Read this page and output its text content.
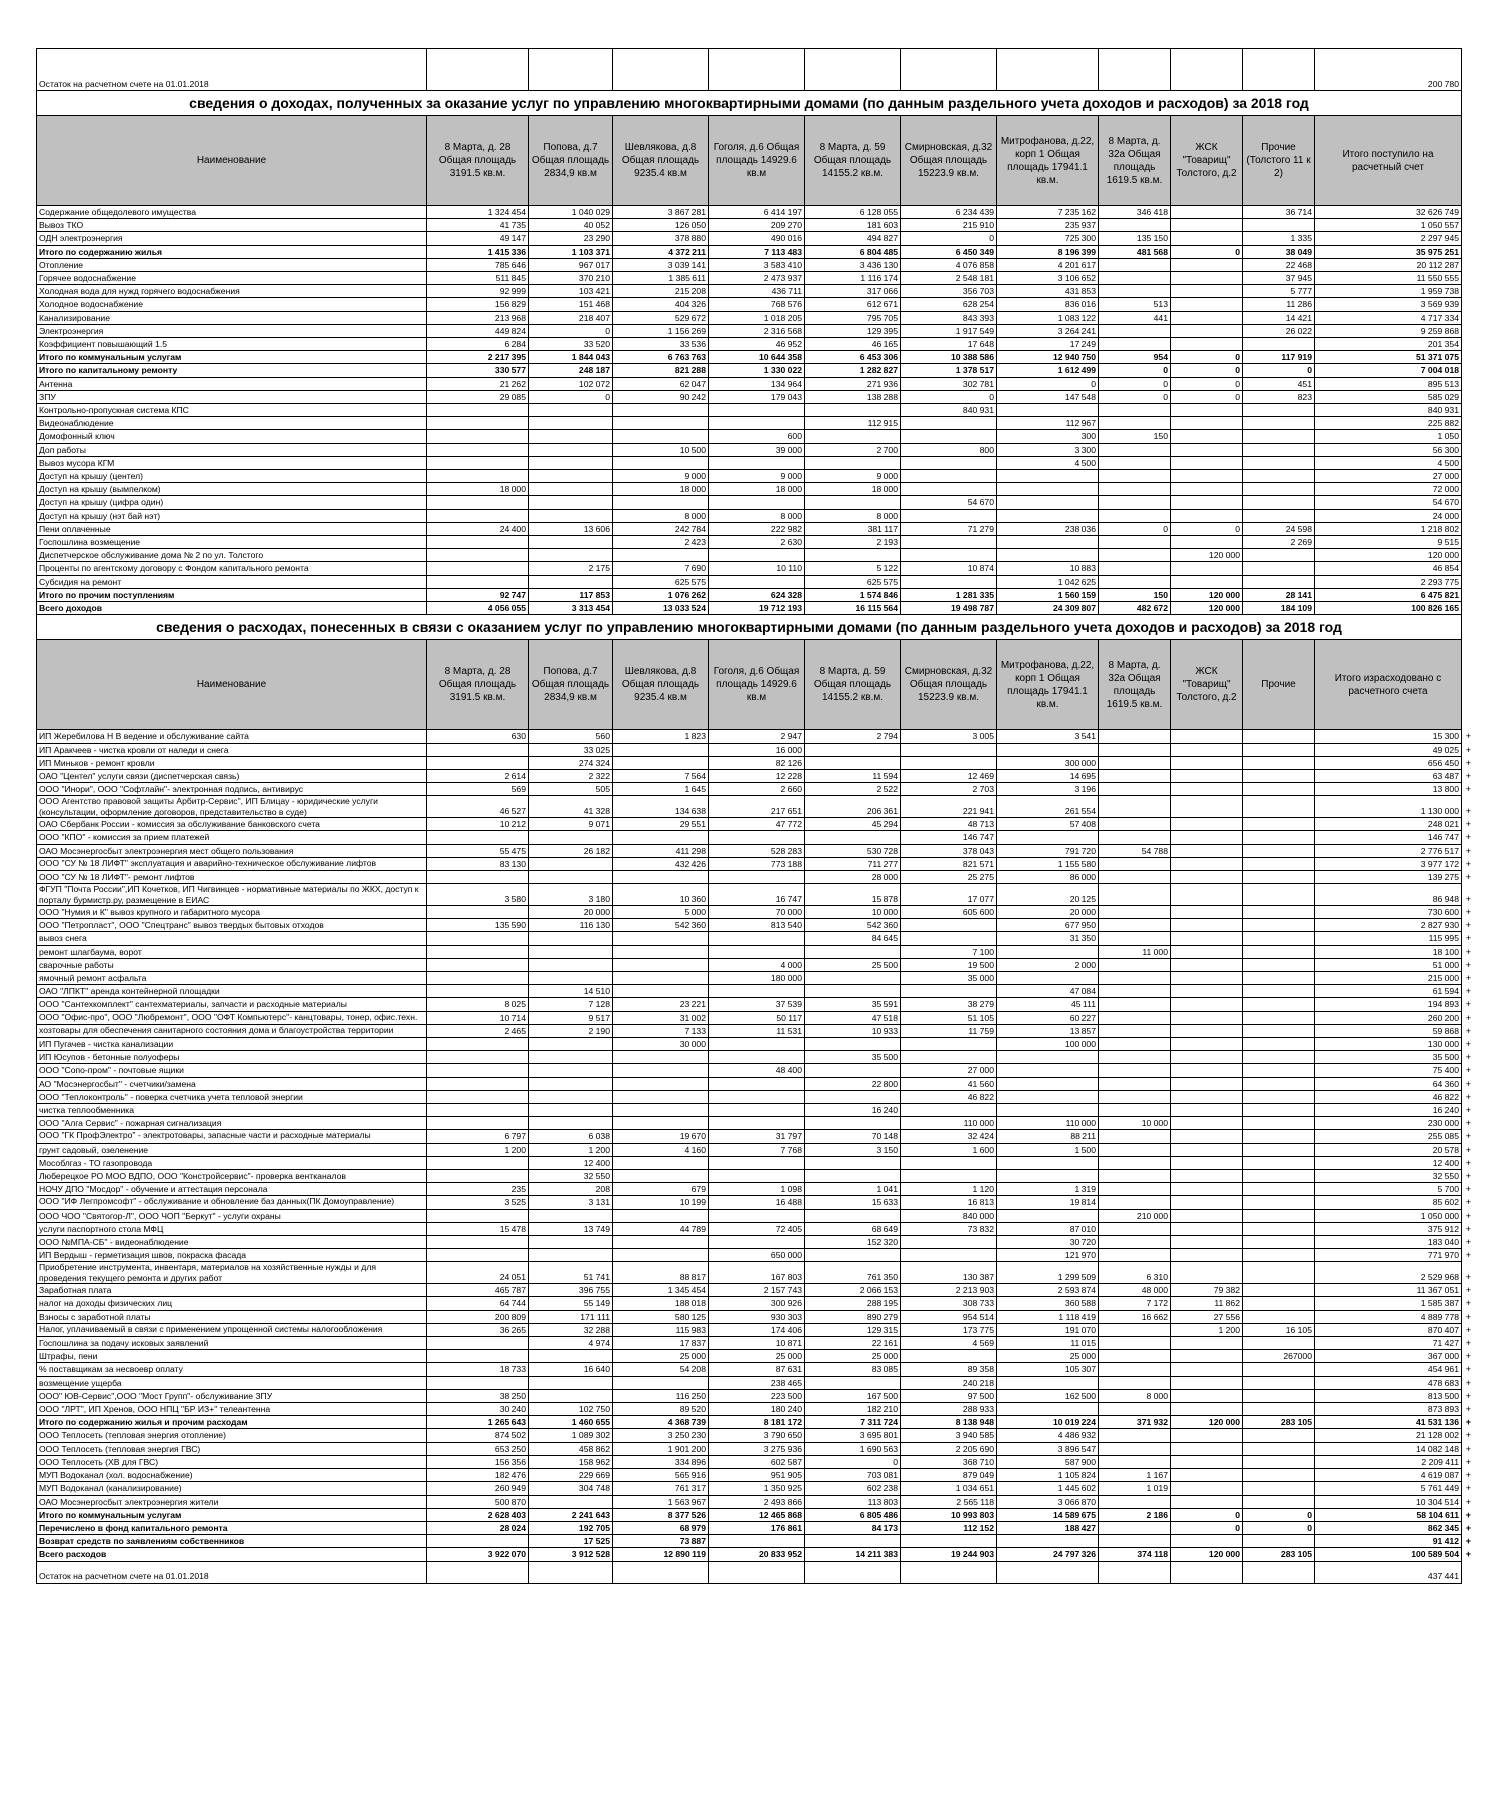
Остаток на расчетном счете на 01.01.2018											200 780
сведения о доходах, полученных за оказание услуг по управлению многоквартирными домами (по данным раздельного учета доходов и расходов) за 2018 год											
Наименование	8 Марта, д. 28 Общая площадь 3191.5 кв.м.	Попова, д.7 Общая площадь 2834,9 кв.м	Шевлякова, д.8 Общая площадь 9235.4 кв.м	Гоголя, д.6 Общая площадь 14929.6 кв.м	8 Марта, д. 59 Общая площадь 14155.2 кв.м.	Смирновская, д.32 Общая площадь 15223.9 кв.м.	Митрофанова, д.22, корп 1 Общая площадь 17941.1 кв.м.	8 Марта, д. 32а Общая площадь 1619.5 кв.м.	ЖСК "Товарищ" Толстого, д.2	Прочие (Толстого 11 к 2)	Итого поступило на расчетный счет
Содержание общедолевого имущества	1 324 454	1 040 029	3 867 281	6 414 197	6 128 055	6 234 439	7 235 162	346 418		36 714	32 626 749
Вывоз ТКО	41 735	40 052	126 050	209 270	181 603	215 910	235 937				1 050 557
ОДН электроэнергия	49 147	23 290	378 880	490 016	494 827	0	725 300	135 150		1 335	2 297 945
Итого по содержанию жилья	1 415 336	1 103 371	4 372 211	7 113 483	6 804 485	6 450 349	8 196 399	481 568	0	38 049	35 975 251
Отопление	785 646	967 017	3 039 141	3 583 410	3 436 130	4 076 858	4 201 617			22 468	20 112 287
Горячее водоснабжение	511 845	370 210	1 385 611	2 473 937	1 116 174	2 548 181	3 106 652			37 945	11 550 555
Холодная вода для нужд горячего водоснабжения	92 999	103 421	215 208	436 711	317 066	356 703	431 853			5 777	1 959 738
Холодное водоснабжение	156 829	151 468	404 326	768 576	612 671	628 254	836 016	513		11 286	3 569 939
Канализирование	213 968	218 407	529 672	1 018 205	795 705	843 393	1 083 122	441		14 421	4 717 334
Электроэнергия	449 824	0	1 156 269	2 316 568	129 395	1 917 549	3 264 241			26 022	9 259 868
Коэффициент повышающий 1.5	6 284	33 520	33 536	46 952	46 165	17 648	17 249				201 354
Итого по коммунальным услугам	2 217 395	1 844 043	6 763 763	10 644 358	6 453 306	10 388 586	12 940 750	954	0	117 919	51 371 075
Итого по капитальному ремонту	330 577	248 187	821 288	1 330 022	1 282 827	1 378 517	1 612 499	0	0	0	7 004 018
Антенна	21 262	102 072	62 047	134 964	271 936	302 781	0	0	0	451	895 513
ЗПУ	29 085	0	90 242	179 043	138 288	0	147 548	0	0	823	585 029
Контрольно-пропускная система КПС						840 931					840 931
Видеонаблюдение					112 915		112 967				225 882
Домофонный ключ				600			300	150			1 050
Доп работы			10 500	39 000	2 700	800	3 300				56 300
Вывоз мусора КГМ							4 500				4 500
Доступ на крышу (центел)			9 000	9 000	9 000						27 000
Доступ на крышу (вымпелком)	18 000		18 000	18 000	18 000						72 000
Доступ на крышу (цифра один)						54 670					54 670
Доступ на крышу (нэт бай нэт)			8 000	8 000	8 000						24 000
Пени оплаченные	24 400	13 606	242 784	222 982	381 117	71 279	238 036	0	0	24 598	1 218 802
Госпошлина возмещение			2 423	2 630	2 193					2 269	9 515
Диспетчерское обслуживание дома № 2 по ул. Толстого									120 000		120 000
Проценты по агентскому договору с Фондом капитального ремонта		2 175	7 690	10 110	5 122	10 874	10 883				46 854
Субсидия на ремонт			625 575		625 575		1 042 625				2 293 775
Итого по прочим поступлениям	92 747	117 853	1 076 262	624 328	1 574 846	1 281 335	1 560 159	150	120 000	28 141	6 475 821
Всего доходов	4 056 055	3 313 454	13 033 524	19 712 193	16 115 564	19 498 787	24 309 807	482 672	120 000	184 109	100 826 165
сведения о расходах, понесенных в связи с оказанием услуг по управлению многоквартирными домами (по данным раздельного учета доходов и расходов) за 2018 год											
Наименование	8 Марта, д. 28 Общая площадь 3191.5 кв.м.	Попова, д.7 Общая площадь 2834,9 кв.м	Шевлякова, д.8 Общая площадь 9235.4 кв.м	Гоголя, д.6 Общая площадь 14929.6 кв.м	8 Марта, д. 59 Общая площадь 14155.2 кв.м.	Смирновская, д.32 Общая площадь 15223.9 кв.м.	Митрофанова, д.22, корп 1 Общая площадь 17941.1 кв.м.	8 Марта, д. 32а Общая площадь 1619.5 кв.м.	ЖСК "Товарищ" Толстого, д.2	Прочие	Итого израсходовано с расчетного счета
ИП Жеребилова Н В ведение и обслуживание сайта	630	560	1 823	2 947	2 794	3 005	3 541				15 300 +

ИП Аракчеев - чистка кровли от наледи и снега		33 025		16 000							49 025 +

ИП Миньков - ремонт кровли		274 324		82 126			300 000				656 450 +

ОАО "Центел" услуги связи (диспетчерская связь)	2 614	2 322	7 564	12 228	11 594	12 469	14 695				63 487 +

ООО "Инори", ООО "Софтлайн"- электронная подпись, антивирус	569	505	1 645	2 660	2 522	2 703	3 196				13 800 +

ООО Агентство правовой защиты Арбитр-Сервис", ИП Блицау - юридические услуги (консультации, оформление договоров, представительство в суде)	46 527	41 328	134 638	217 651	206 361	221 941	261 554				1 130 000 +

ОАО Сбербанк России - комиссия за обслуживание банковского счета	10 212	9 071	29 551	47 772	45 294	48 713	57 408				248 021 +

ООО "КПО" - комиссия за прием платежей						146 747					146 747 +

ОАО Мосэнергосбыт электроэнергия мест общего пользования	55 475	26 182	411 298	528 283	530 728	378 043	791 720	54 788			2 776 517 +

ООО "СУ № 18 ЛИФТ" эксплуатация и аварийно-техническое обслуживание лифтов	83 130		432 426	773 188	711 277	821 571	1 155 580				3 977 172 +

ООО "СУ № 18 ЛИФТ"- ремонт лифтов					28 000	25 275	86 000				139 275 +

ФГУП "Почта России",ИП Кочетков, ИП Чигвинцев - нормативные материалы по ЖКХ, доступ к порталу бурмистр.ру, размещение в ЕИАС	3 580	3 180	10 360	16 747	15 878	17 077	20 125				86 948 +

ООО "Нумия и К" вывоз крупного и габаритного мусора		20 000	5 000	70 000	10 000	605 600	20 000				730 600 +

ООО "Петропласт", ООО "Спецтранс" вывоз твердых бытовых отходов	135 590	116 130	542 360	813 540	542 360		677 950				2 827 930 +

вывоз снега					84 645		31 350				115 995 +

ремонт шлагбаума, ворот						7 100		11 000			18 100 +

сварочные работы				4 000	25 500	19 500	2 000				51 000 +

ямочный ремонт асфальта				180 000		35 000					215 000 +

ОАО "ЛПКТ" аренда контейнерной площадки		14 510					47 084				61 594 +

ООО "Сантехкомплект" сантехматериалы, запчасти и расходные материалы	8 025	7 128	23 221	37 539	35 591	38 279	45 111				194 893 +

ООО "Офис-про", ООО "Любремонт", ООО "ОФТ Компьютерс"- канцтовары, тонер, офис.техн.	10 714	9 517	31 002	50 117	47 518	51 105	60 227				260 200 +

хозтовары для обеспечения санитарного состояния дома и благоустройства территории	2 465	2 190	7 133	11 531	10 933	11 759	13 857				59 868 +

ИП Пугачев - чистка канализации			30 000				100 000				130 000 +

ИП Юсупов - бетонные полуоферы					35 500						35 500 +

ООО "Сопо-пром" - почтовые ящики				48 400		27 000					75 400 +

АО "Мосэнергосбыт" - счетчики/замена					22 800	41 560					64 360 +

ООО "Теплоконтроль" - поверка счетчика учета тепловой энергии						46 822					46 822 +

чистка теплообменника					16 240						16 240 +

ООО "Алга Сервис" - пожарная сигнализация						110 000	110 000	10 000			230 000 +

ООО "ГК ПрофЭлектро" - электротовары, запасные части и расходные материалы	6 797	6 038	19 670	31 797	70 148	32 424	88 211				255 085 +

грунт садовый, озеленение	1 200	1 200	4 160	7 768	3 150	1 600	1 500				20 578 +

Мособлгаз - ТО газопровода		12 400									12 400 +

Люберецкое РО МОО ВДПО, ООО "Констройсервис"- проверка вентканалов		32 550									32 550 +

НОЧУ ДПО "Мосдор" - обучение и аттестация персонала	235	208	679	1 098	1 041	1 120	1 319				5 700 +

ООО "ИФ Легпромсофт" - обслуживание и обновление баз данных(ПК Домоуправление)	3 525	3 131	10 199	16 488	15 633	16 813	19 814				85 602 +

ООО ЧОО "Святогор-Л", ООО ЧОП "Беркут" - услуги охраны						840 000		210 000			1 050 000 +

услуги паспортного стола МФЦ	15 478	13 749	44 789	72 405	68 649	73 832	87 010				375 912 +

ООО №МПА-СБ" - видеонаблюдение					152 320		30 720				183 040 +

ИП Вердыш - герметизация швов, покраска фасада				650 000			121 970				771 970 +

Приобретение инструмента, инвентаря, материалов на хозяйственные нужды и для проведения текущего ремонта и других работ	24 051	51 741	88 817	167 803	761 350	130 387	1 299 509	6 310			2 529 968 +

Заработная плата	465 787	396 755	1 345 454	2 157 743	2 066 153	2 213 903	2 593 874	48 000	79 382		11 367 051 +

налог на доходы физических лиц	64 744	55 149	188 018	300 926	288 195	308 733	360 588	7 172	11 862		1 585 387 +

Взносы с заработной платы	200 809	171 111	580 125	930 303	890 279	954 514	1 118 419	16 662	27 556		4 889 778 +

Налог, уплачиваемый в связи с применением упрощенной системы налогообложения	36 265	32 288	115 983	174 406	129 315	173 775	191 070		1 200	16 105	870 407 +

Госпошлина за подачу исковых заявлений		4 974	17 837	10 871	22 161	4 569	11 015				71 427 +

Штрафы, пени			25 000	25 000	25 000		25 000			267000	367 000 +

% поставщикам за несвоевр оплату	18 733	16 640	54 208	87 631	83 085	89 358	105 307				454 961 +

возмещение ущерба				238 465		240 218					478 683 +

ООО" ЮВ-Сервис",ООО "Мост Групп"- обслуживание ЗПУ	38 250		116 250	223 500	167 500	97 500	162 500	8 000			813 500 +

ООО "ЛРТ", ИП Хренов, ООО НПЦ "БР ИЗ+" телеантенна	30 240	102 750	89 520	180 240	182 210	288 933					873 893 +

Итого по содержанию жилья и прочим расходам	1 265 643	1 460 655	4 368 739	8 181 172	7 311 724	8 138 948	10 019 224	371 932	120 000	283 105	41 531 136 +

ООО Теплосеть (тепловая энергия отопление)	874 502	1 089 302	3 250 230	3 790 650	3 695 801	3 940 585	4 486 932				21 128 002 +

ООО Теплосеть (тепловая энергия ГВС)	653 250	458 862	1 901 200	3 275 936	1 690 563	2 205 690	3 896 547				14 082 148 +

ООО Теплосеть (ХВ для ГВС)	156 356	158 962	334 896	602 587	0	368 710	587 900				2 209 411 +

МУП Водоканал (хол. водоснабжение)	182 476	229 669	565 916	951 905	703 081	879 049	1 105 824	1 167			4 619 087 +

МУП Водоканал (канализирование)	260 949	304 748	761 317	1 350 925	602 238	1 034 651	1 445 602	1 019			5 761 449 +

ОАО Мосэнергосбыт электроэнергия жители	500 870		1 563 967	2 493 866	113 803	2 565 118	3 066 870				10 304 514 +

Итого по коммунальным услугам	2 628 403	2 241 643	8 377 526	12 465 868	6 805 486	10 993 803	14 589 675	2 186	0	0	58 104 611 +

Перечислено в фонд капитального ремонта	28 024	192 705	68 979	176 861	84 173	112 152	188 427		0	0	862 345 +

Возврат средств по заявлениям собственников		17 525	73 887								91 412 +

Всего расходов	3 922 070	3 912 528	12 890 119	20 833 952	14 211 383	19 244 903	24 797 326	374 118	120 000	283 105	100 589 504 +

Остаток на расчетном счете на 01.01.2018											437 441
